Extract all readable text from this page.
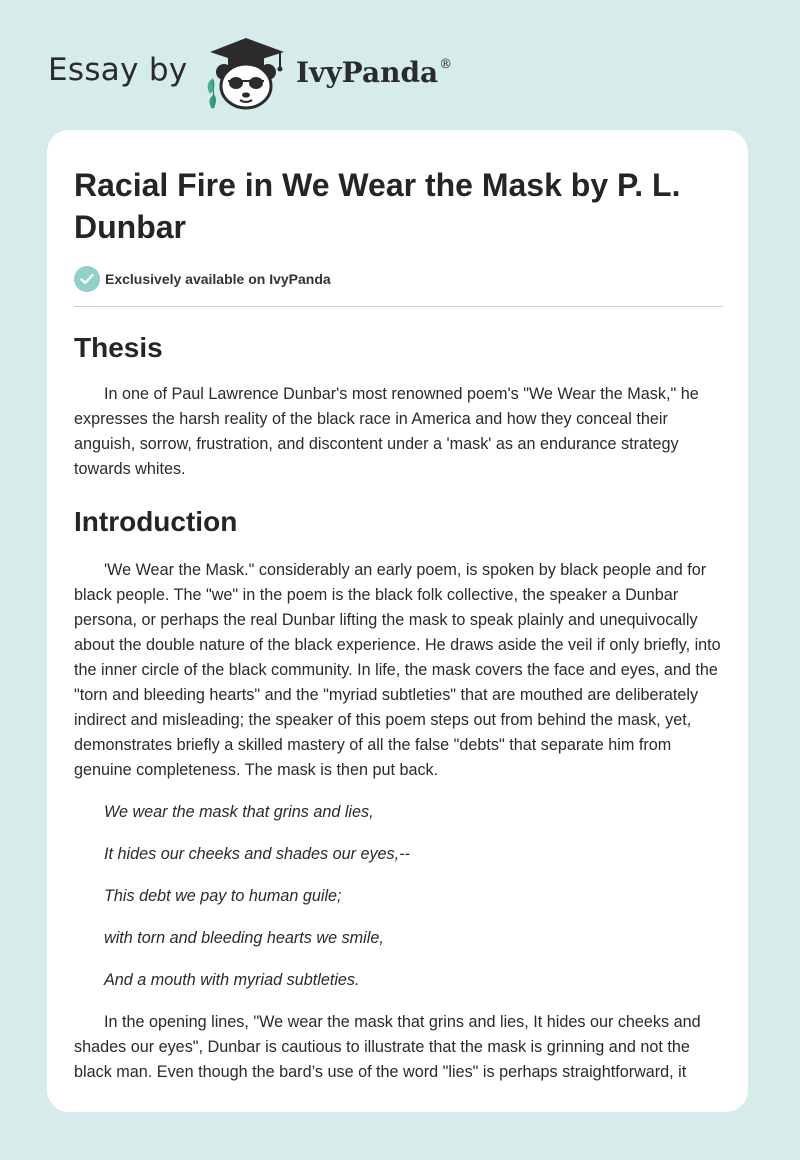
Essay by	IvyPanda®
Racial Fire in We Wear the Mask by P. L. Dunbar
Exclusively available on IvyPanda
Thesis

In one of Paul Lawrence Dunbar's most renowned poem's "We Wear the Mask," he expresses the harsh reality of the black race in America and how they conceal their anguish, sorrow, frustration, and discontent under a 'mask' as an endurance strategy towards whites.

Introduction

'We Wear the Mask." considerably an early poem, is spoken by black people and for black people. The "we" in the poem is the black folk collective, the speaker a Dunbar persona, or perhaps the real Dunbar lifting the mask to speak plainly and unequivocally about the double nature of the black experience. He draws aside the veil if only briefly, into the inner circle of the black community. In life, the mask covers the face and eyes, and the "torn and bleeding hearts" and the "myriad subtleties" that are mouthed are deliberately indirect and misleading; the speaker of this poem steps out from behind the mask, yet, demonstrates briefly a skilled mastery of all the false "debts" that separate him from genuine completeness. The mask is then put back.

We wear the mask that grins and lies,

It hides our cheeks and shades our eyes,--

This debt we pay to human guile;

with torn and bleeding hearts we smile,

And a mouth with myriad subtleties.

In the opening lines, "We wear the mask that grins and lies, It hides our cheeks and shades our eyes", Dunbar is cautious to illustrate that the mask is grinning and not the black man. Even though the bard’s use of the word "lies" is perhaps straightforward, it
